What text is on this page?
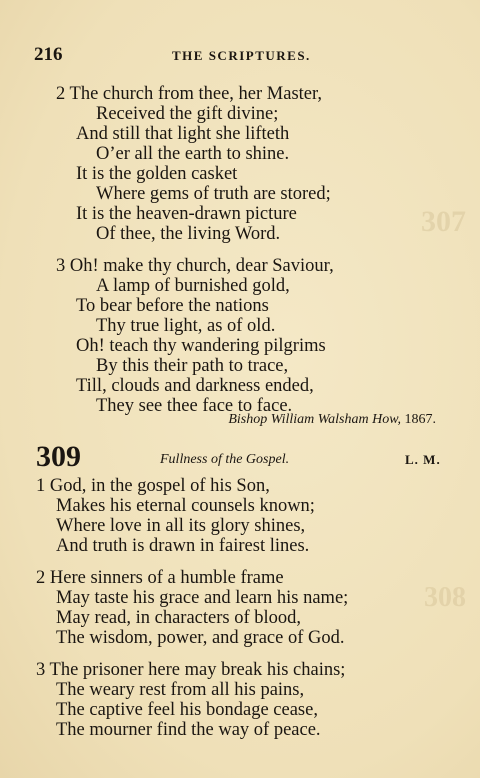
307
308
216	THE SCRIPTURES.
2 The church from thee, her Master,
Received the gift divine;
And still that light she lifteth
O’er all the earth to shine.
It is the golden casket
Where gems of truth are stored;
It is the heaven-drawn picture
Of thee, the living Word.
3 Oh! make thy church, dear Saviour,
A lamp of burnished gold,
To bear before the nations
Thy true light, as of old.
Oh! teach thy wandering pilgrims
By this their path to trace,
Till, clouds and darkness ended,
They see thee face to face.
Bishop William Walsham How, 1867.
309	Fullness of the Gospel.	L. M.
1 God, in the gospel of his Son,
Makes his eternal counsels known;
Where love in all its glory shines,
And truth is drawn in fairest lines.
2 Here sinners of a humble frame
May taste his grace and learn his name;
May read, in characters of blood,
The wisdom, power, and grace of God.
3 The prisoner here may break his chains;
The weary rest from all his pains,
The captive feel his bondage cease,
The mourner find the way of peace.
